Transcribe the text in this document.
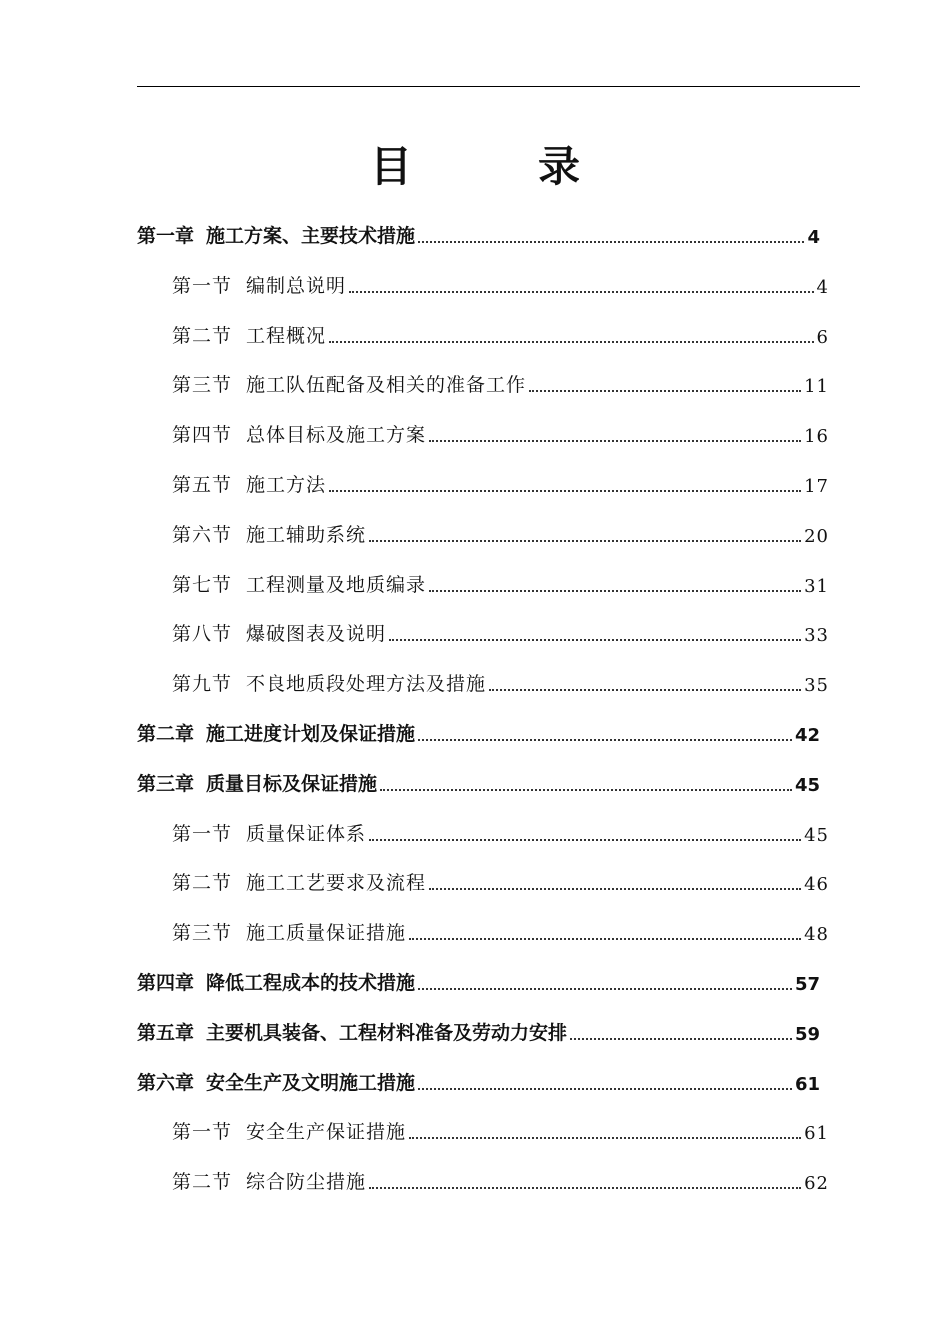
目　录
第一章 施工方案、主要技术措施	4
第一节 编制总说明	4
第二节 工程概况	6
第三节 施工队伍配备及相关的准备工作	11
第四节 总体目标及施工方案	16
第五节 施工方法	17
第六节 施工辅助系统	20
第七节 工程测量及地质编录	31
第八节 爆破图表及说明	33
第九节 不良地质段处理方法及措施	35
第二章 施工进度计划及保证措施	42
第三章 质量目标及保证措施	45
第一节 质量保证体系	45
第二节 施工工艺要求及流程	46
第三节 施工质量保证措施	48
第四章 降低工程成本的技术措施	57
第五章 主要机具装备、工程材料准备及劳动力安排	59
第六章 安全生产及文明施工措施	61
第一节 安全生产保证措施	61
第二节 综合防尘措施	62
